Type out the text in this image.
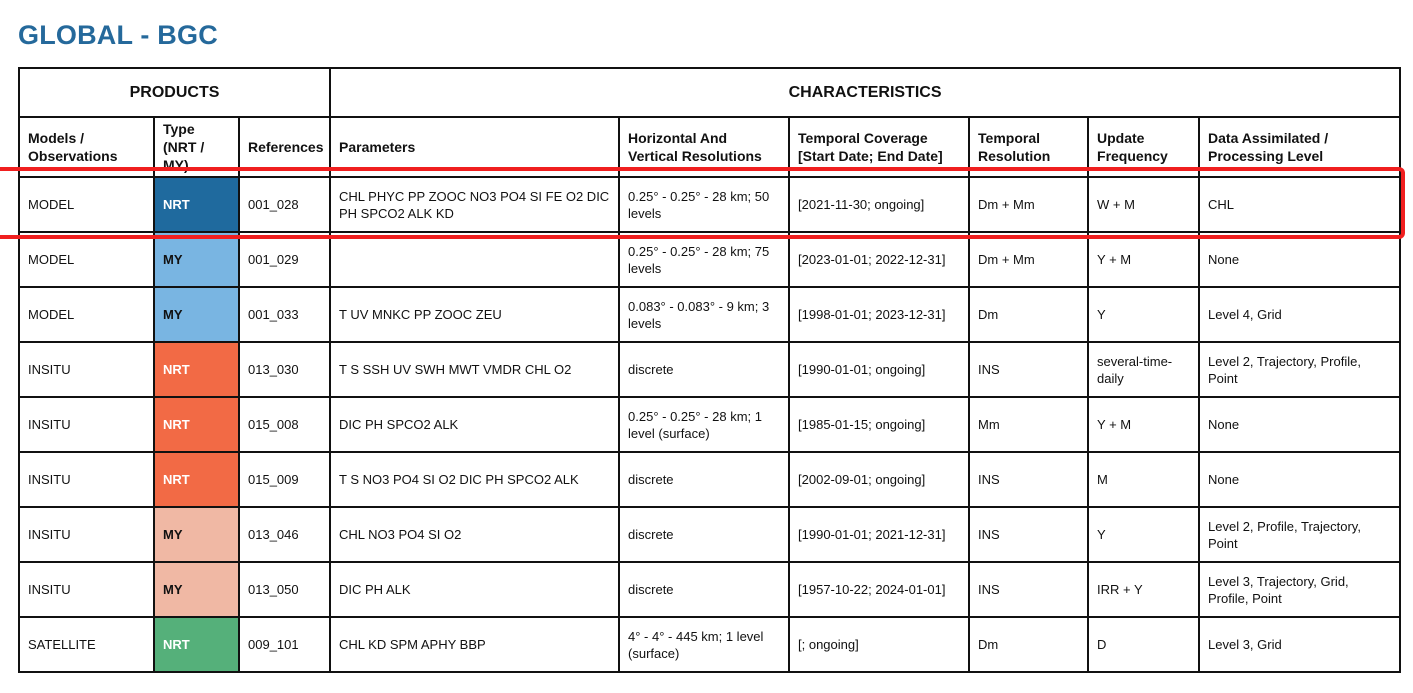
GLOBAL - BGC
PRODUCTS			CHARACTERISTICS					
Models / Observations	Type (NRT / MY)	References	Parameters	Horizontal And Vertical Resolutions	Temporal Coverage [Start Date; End Date]	Temporal Resolution	Update Frequency	Data Assimilated / Processing Level
MODEL	NRT	001_028	CHL PHYC PP ZOOC NO3 PO4 SI FE O2 DIC PH SPCO2 ALK KD	0.25° - 0.25° - 28 km; 50 levels	[2021-11-30; ongoing]	Dm + Mm	W + M	CHL
MODEL	MY	001_029		0.25° - 0.25° - 28 km; 75 levels	[2023-01-01; 2022-12-31]	Dm + Mm	Y + M	None
MODEL	MY	001_033	T UV MNKC PP ZOOC ZEU	0.083° - 0.083° - 9 km; 3 levels	[1998-01-01; 2023-12-31]	Dm	Y	Level 4, Grid
INSITU	NRT	013_030	T S SSH UV SWH MWT VMDR CHL O2	discrete	[1990-01-01; ongoing]	INS	several-time-daily	Level 2, Trajectory, Profile, Point
INSITU	NRT	015_008	DIC PH SPCO2 ALK	0.25° - 0.25° - 28 km; 1 level (surface)	[1985-01-15; ongoing]	Mm	Y + M	None
INSITU	NRT	015_009	T S NO3 PO4 SI O2 DIC PH SPCO2 ALK	discrete	[2002-09-01; ongoing]	INS	M	None
INSITU	MY	013_046	CHL NO3 PO4 SI O2	discrete	[1990-01-01; 2021-12-31]	INS	Y	Level 2, Profile, Trajectory, Point
INSITU	MY	013_050	DIC PH ALK	discrete	[1957-10-22; 2024-01-01]	INS	IRR + Y	Level 3, Trajectory, Grid, Profile, Point
SATELLITE	NRT	009_101	CHL KD SPM APHY BBP	4° - 4° - 445 km; 1 level (surface)	[; ongoing]	Dm	D	Level 3, Grid
